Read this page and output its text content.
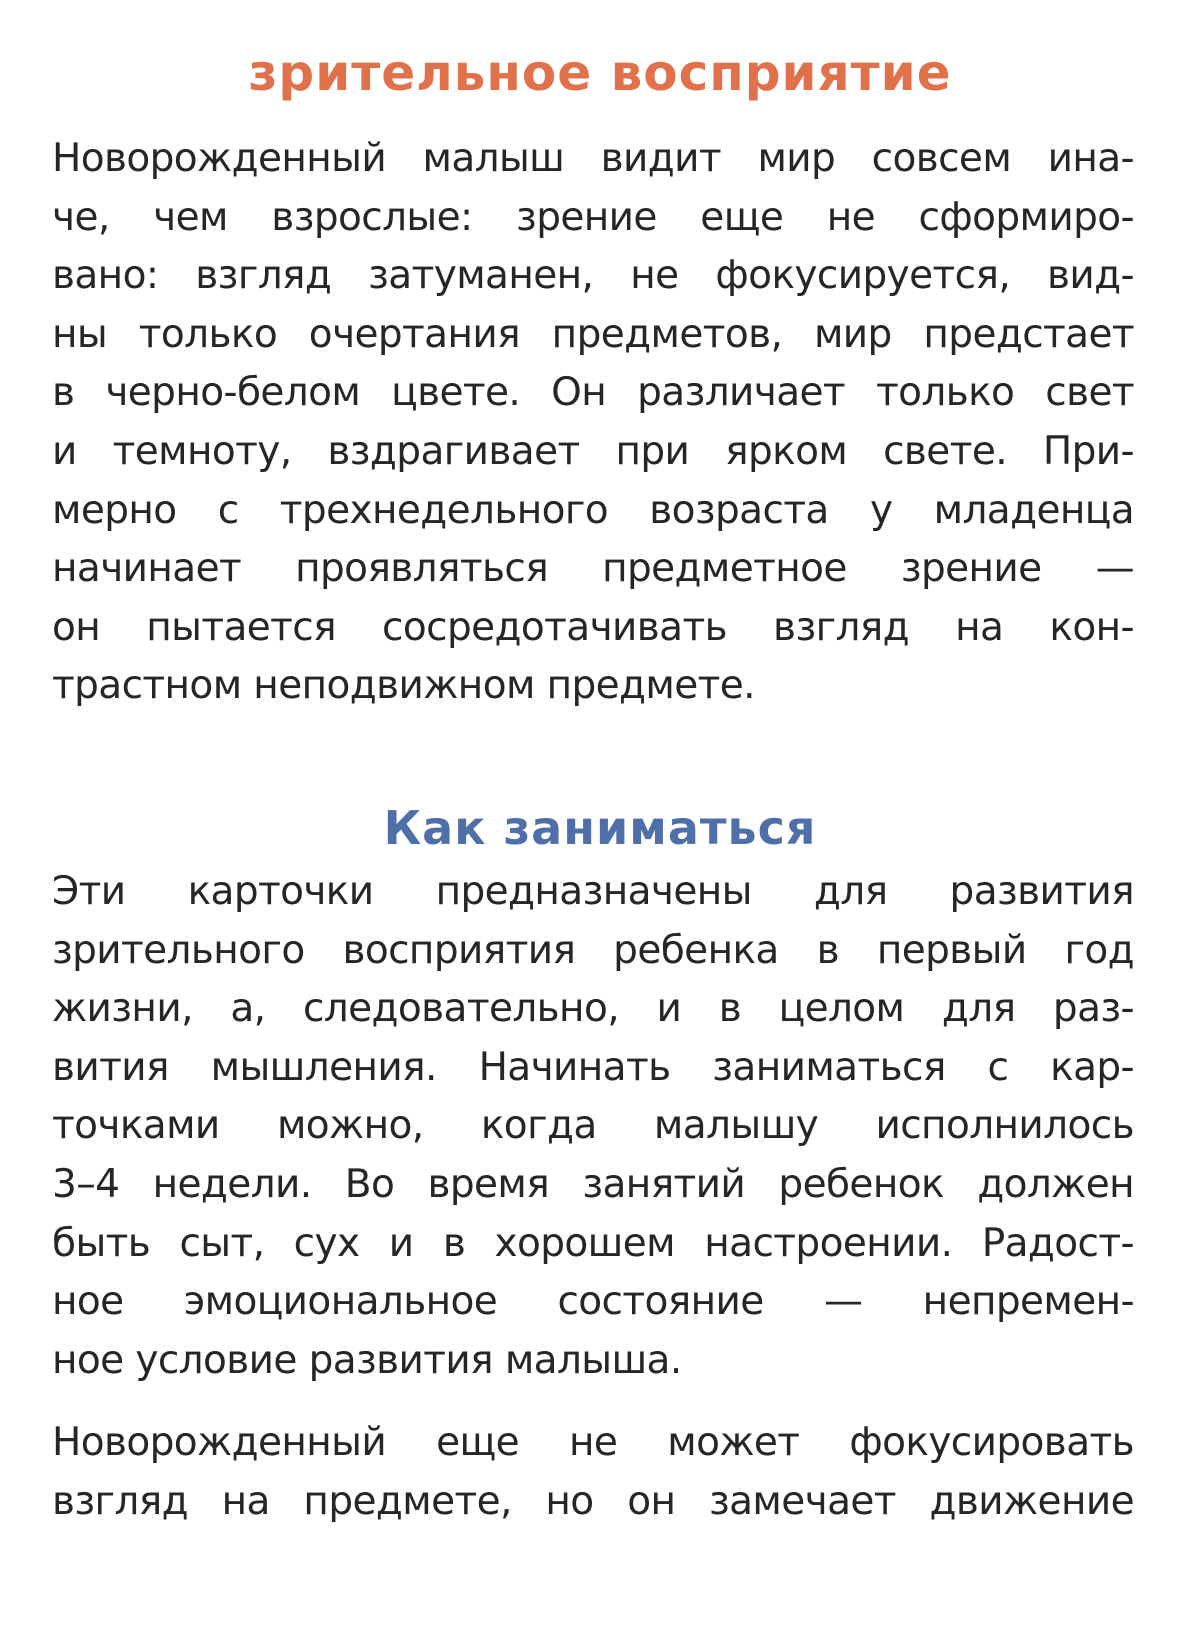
зрительное восприятие

Новорожденный малыш видит мир совсем ина-
че, чем взрослые: зрение еще не сформиро-
вано: взгляд затуманен, не фокусируется, вид-
ны только очертания предметов, мир предстает
в черно-белом цвете. Он различает только свет
и темноту, вздрагивает при ярком свете. При-
мерно с трехнедельного возраста у младенца
начинает проявляться предметное зрение —
он пытается сосредотачивать взгляд на кон-
трастном неподвижном предмете.

Как заниматься

Эти карточки предназначены для развития
зрительного восприятия ребенка в первый год
жизни, а, следовательно, и в целом для раз-
вития мышления. Начинать заниматься с кар-
точками можно, когда малышу исполнилось
3–4 недели. Во время занятий ребенок должен
быть сыт, сух и в хорошем настроении. Радост-
ное эмоциональное состояние — непремен-
ное условие развития малыша.

Новорожденный еще не может фокусировать
взгляд на предмете, но он замечает движение
